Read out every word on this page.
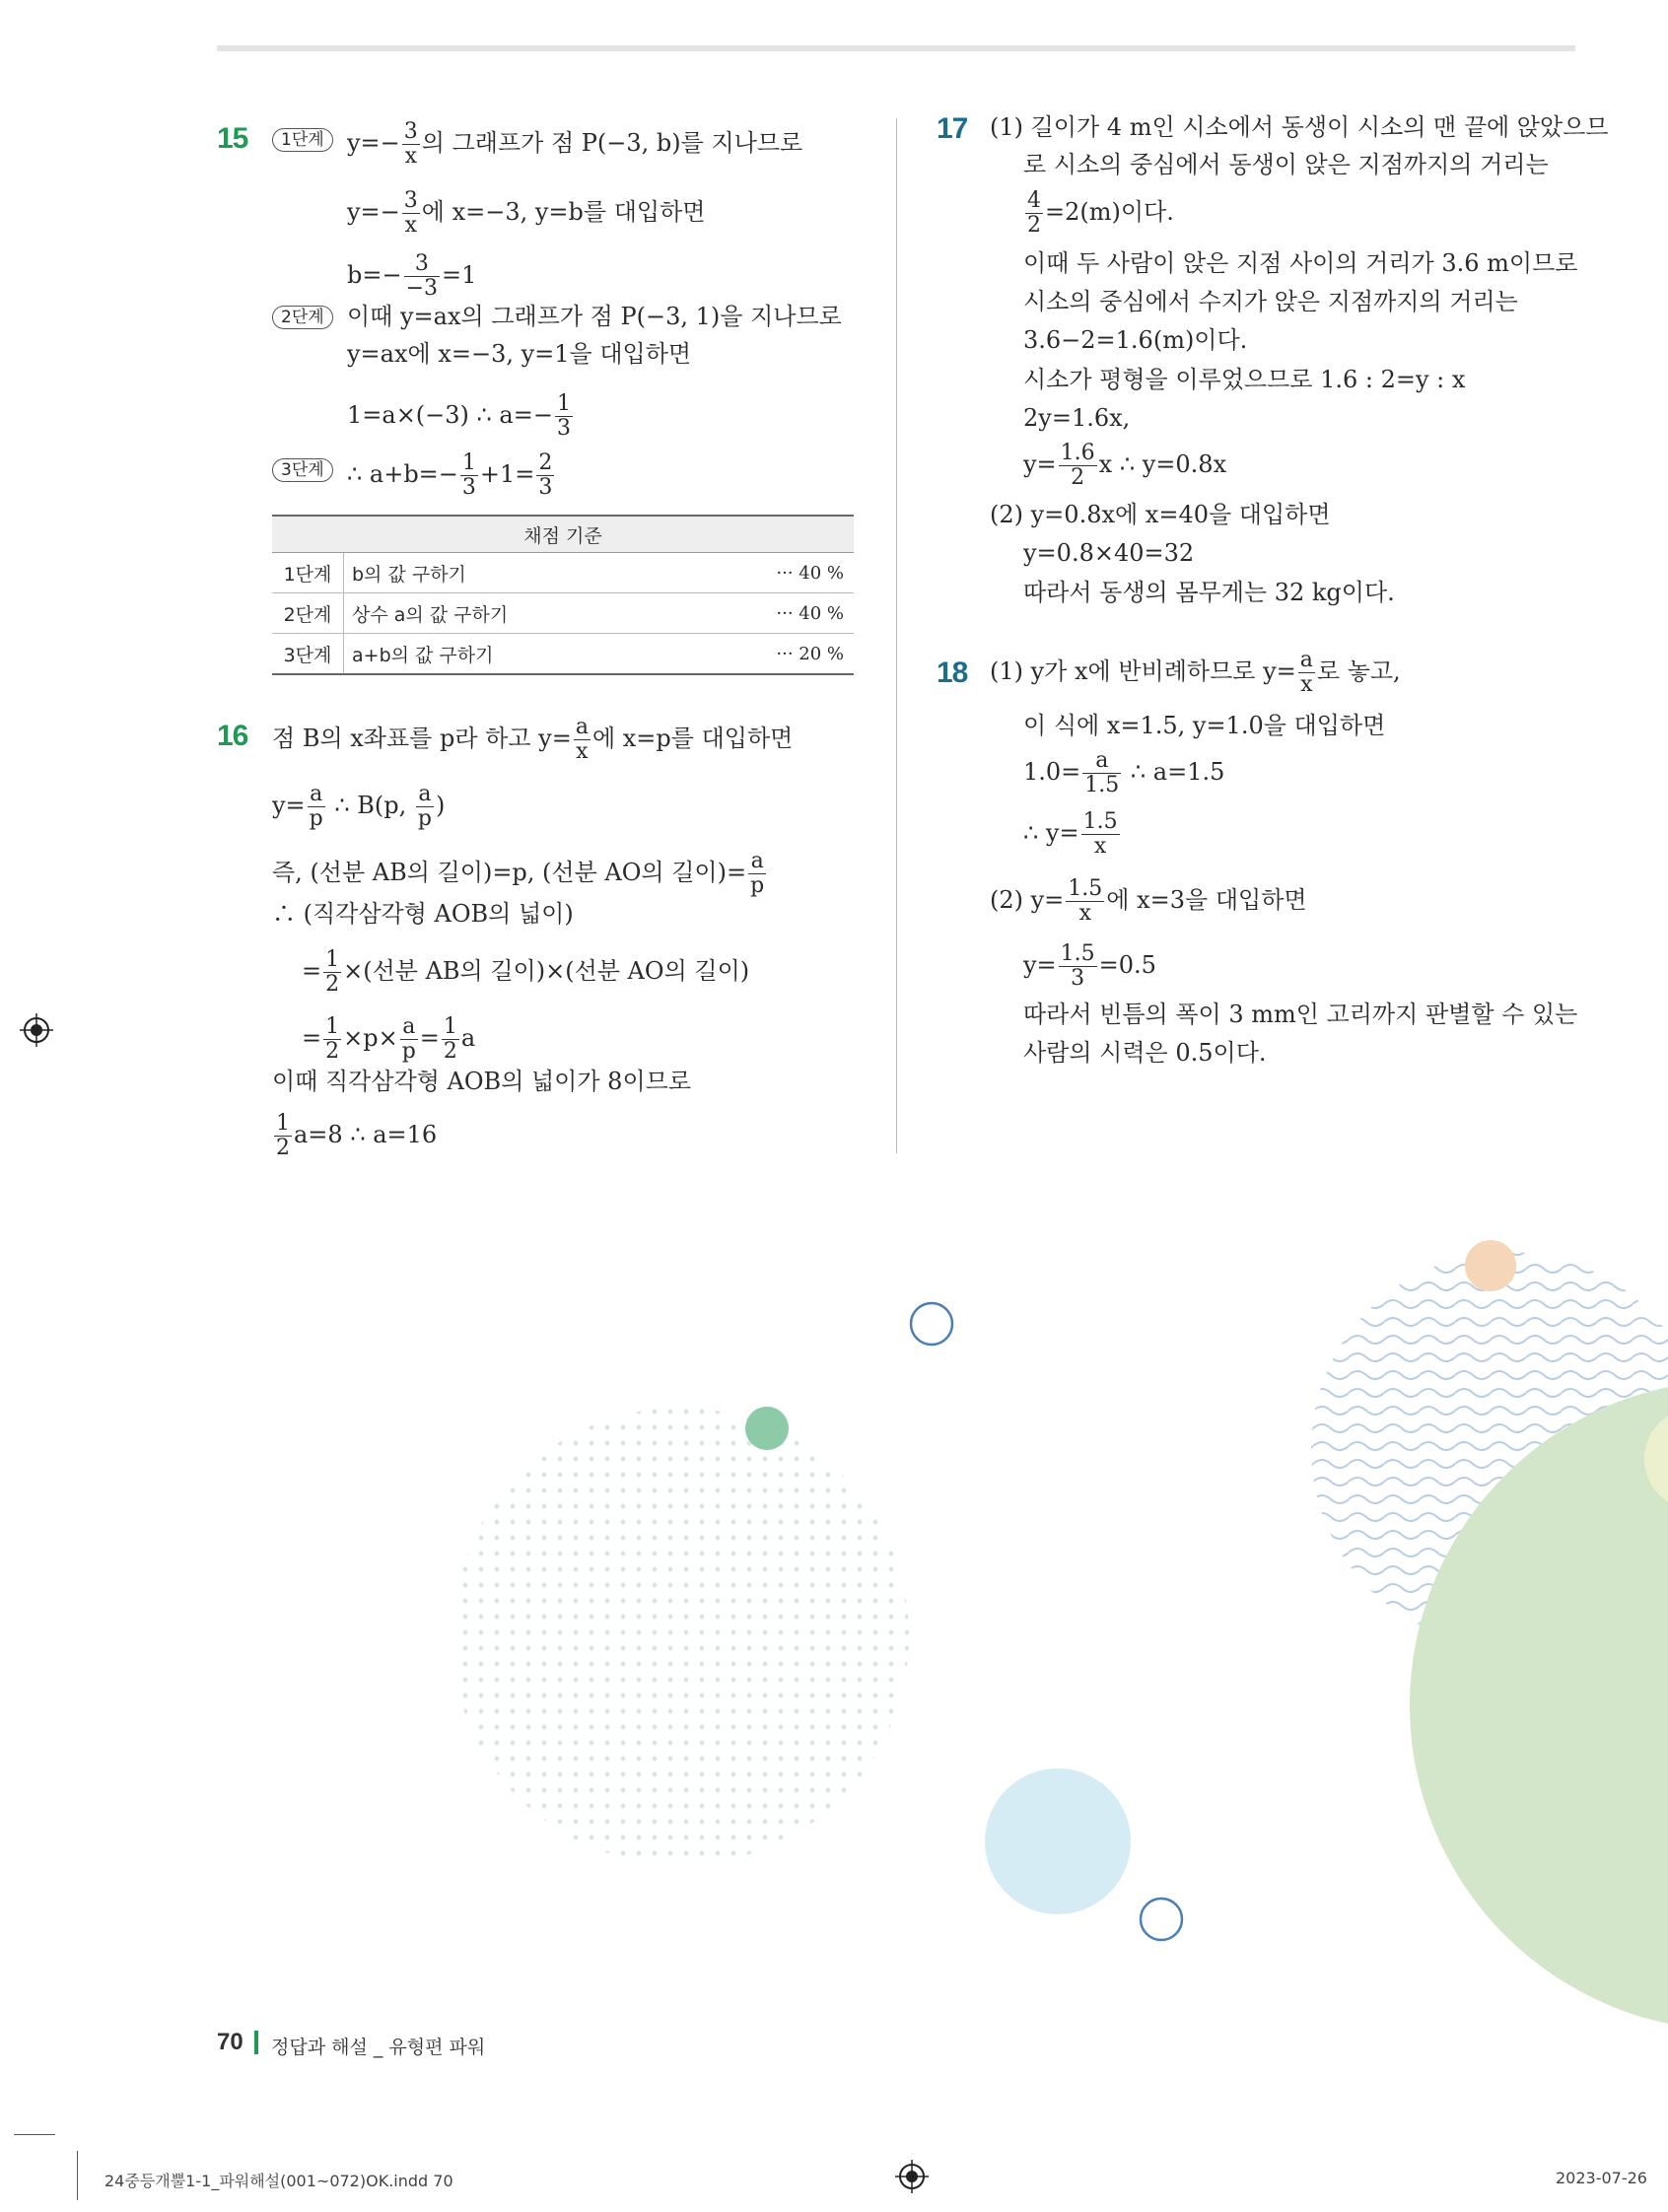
15	1단계 $y=- \frac{3}{x}$ 의 그래프가 점 P(−3, b)를 지나므로
$y=- \frac{3}{x}$ 에 x=−3, y=b를 대입하면
$b=- \frac{3}{-3} =1$
2단계 이때 y=ax의 그래프가 점 P(−3, 1)을 지나므로
y=ax에 x=−3, y=1을 대입하면
1=a×(−3) ∴ $a=- \frac{1}{3}$
3단계 ∴ $a+b=- \frac{1}{3} +1= \frac{2}{3}$
채점 기준		
1단계	b의 값 구하기	··· 40 %
2단계	상수 a의 값 구하기	··· 40 %
3단계	a+b의 값 구하기	··· 20 %
16 점 B의 x좌표를 p라 하고 $y= \frac{a}{x}$ 에 x=p를 대입하면
$y= \frac{a}{p}$ ∴ B(p, $\frac{a}{p}$ )
즉, (선분 AB의 길이)=p, (선분 AO의 길이)= $\frac{a}{p}$
∴ (직각삼각형 AOB의 넓이)
= $\frac{1}{2}$ ×(선분 AB의 길이)×(선분 AO의 길이)
= $\frac{1}{2} \times p\times \frac{a}{p} = \frac{1}{2}$ a
이때 직각삼각형 AOB의 넓이가 8이므로
$\frac{1}{2} a=8$ ∴ a=16
17 (1) 길이가 4 m인 시소에서 동생이 시소의 맨 끝에 앉았으므
로 시소의 중심에서 동생이 앉은 지점까지의 거리는
$\frac{4}{2} =2(m)$이다.
이때 두 사람이 앉은 지점 사이의 거리가 3.6 m이므로
시소의 중심에서 수지가 앉은 지점까지의 거리는
3.6−2=1.6(m)이다.
시소가 평형을 이루었으므로 1.6 : 2=y : x
2y=1.6x,
$y= \frac{1.6}{2}$ x ∴ y=0.8x
(2) y=0.8x에 x=40을 대입하면
y=0.8×40=32
따라서 동생의 몸무게는 32 kg이다.
18 (1) y가 x에 반비례하므로 $y= \frac{a}{x}$ 로 놓고,
이 식에 x=1.5, y=1.0을 대입하면
$1.0= \frac{a}{1.5}$ ∴ a=1.5
∴ $y= \frac{1.5}{x}$
(2) $y= \frac{1.5}{x}$ 에 x=3을 대입하면
$y= \frac{1.5}{3} =0.5$
따라서 빈틈의 폭이 3 mm인 고리까지 판별할 수 있는
사람의 시력은 0.5이다.
70 정답과 해설 _ 유형편 파워
24중등개뿔1-1_파워해설(001~072)OK.indd 70	2023-07-26
